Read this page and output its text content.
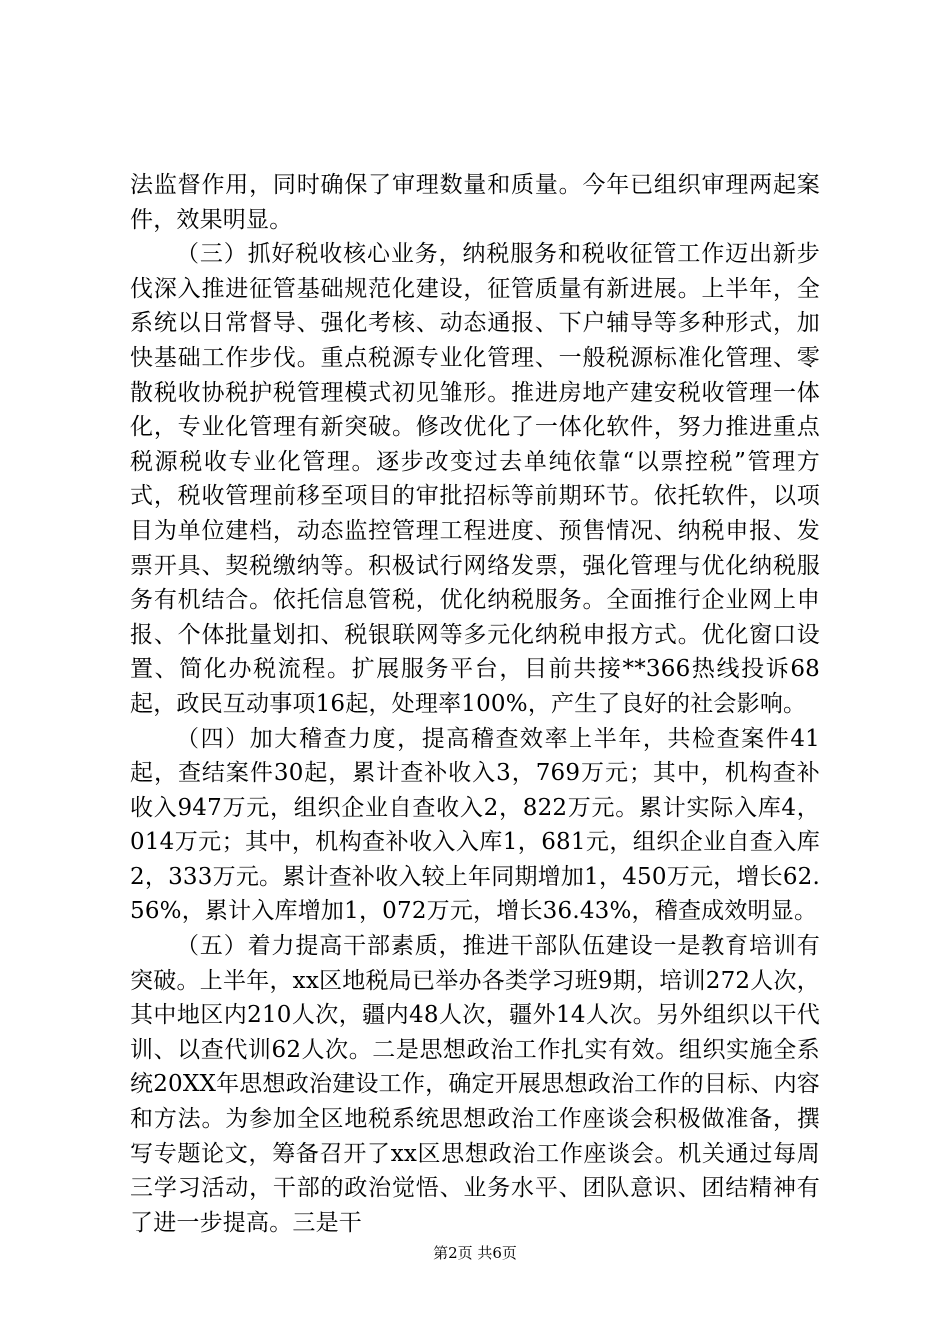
法监督作用，同时确保了审理数量和质量。今年已组织审理两起案件，效果明显。

（三）抓好税收核心业务，纳税服务和税收征管工作迈出新步伐深入推进征管基础规范化建设，征管质量有新进展。上半年，全系统以日常督导、强化考核、动态通报、下户辅导等多种形式，加快基础工作步伐。重点税源专业化管理、一般税源标准化管理、零散税收协税护税管理模式初见雏形。推进房地产建安税收管理一体化，专业化管理有新突破。修改优化了一体化软件，努力推进重点税源税收专业化管理。逐步改变过去单纯依靠“以票控税”管理方式，税收管理前移至项目的审批招标等前期环节。依托软件，以项目为单位建档，动态监控管理工程进度、预售情况、纳税申报、发票开具、契税缴纳等。积极试行网络发票，强化管理与优化纳税服务有机结合。依托信息管税，优化纳税服务。全面推行企业网上申报、个体批量划扣、税银联网等多元化纳税申报方式。优化窗口设置、简化办税流程。扩展服务平台，目前共接**366热线投诉68起，政民互动事项16起，处理率100%，产生了良好的社会影响。

（四）加大稽查力度，提高稽查效率上半年，共检查案件41起，查结案件30起，累计查补收入3，769万元；其中，机构查补收入947万元，组织企业自查收入2，822万元。累计实际入库4，014万元；其中，机构查补收入入库1，681元，组织企业自查入库2，333万元。累计查补收入较上年同期增加1，450万元，增长62.56%，累计入库增加1，072万元，增长36.43%，稽查成效明显。

（五）着力提高干部素质，推进干部队伍建设一是教育培训有突破。上半年，xx区地税局已举办各类学习班9期，培训272人次，其中地区内210人次，疆内48人次，疆外14人次。另外组织以干代训、以查代训62人次。二是思想政治工作扎实有效。组织实施全系统20XX年思想政治建设工作，确定开展思想政治工作的目标、内容和方法。为参加全区地税系统思想政治工作座谈会积极做准备，撰写专题论文，筹备召开了xx区思想政治工作座谈会。机关通过每周三学习活动，干部的政治觉悟、业务水平、团队意识、团结精神有了进一步提高。三是干

第2页 共6页
